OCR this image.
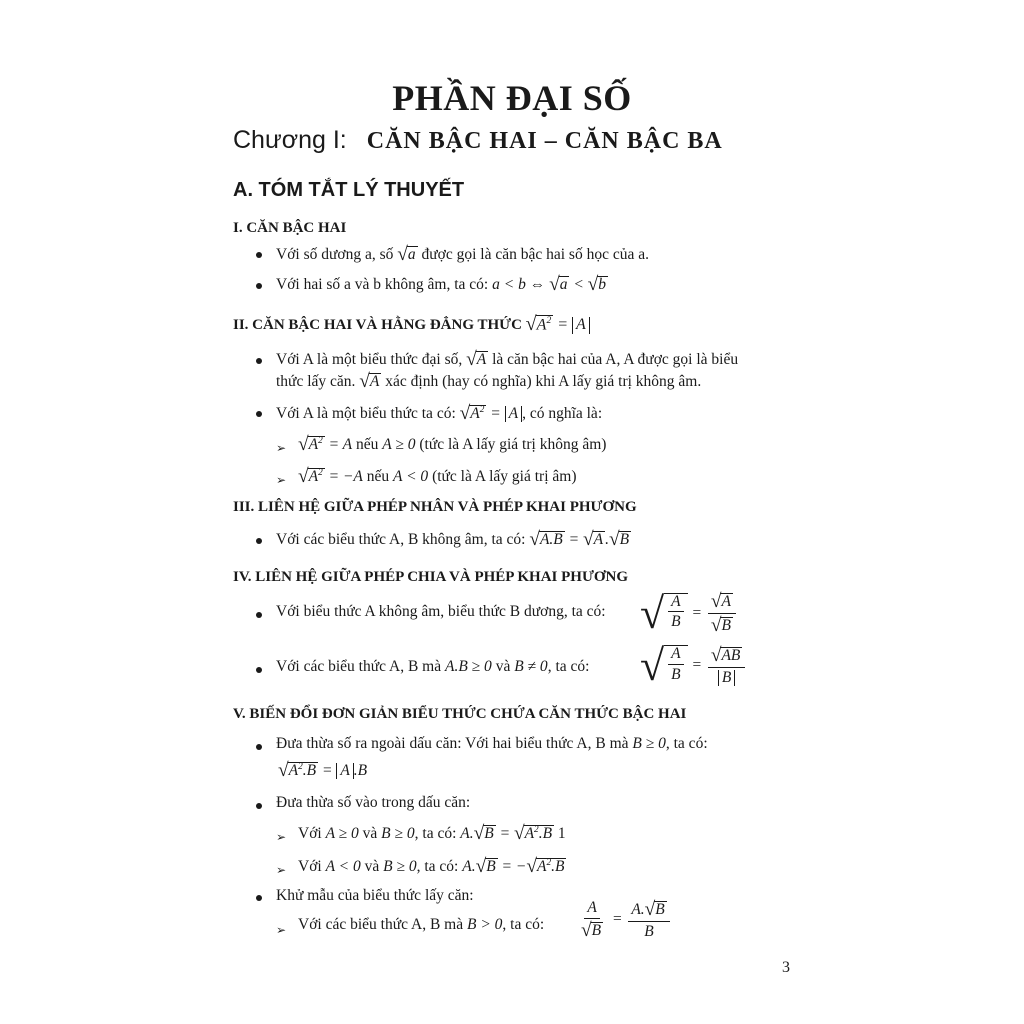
PHẦN ĐẠI SỐ
Chương I: CĂN BẬC HAI – CĂN BẬC BA
A. TÓM TẮT LÝ THUYẾT
I. CĂN BẬC HAI
Với số dương a, số √a được gọi là căn bậc hai số học của a.
Với hai số a và b không âm, ta có: a < b ⇔ √a < √b
II. CĂN BẬC HAI VÀ HẰNG ĐẲNG THỨC $√A^2 = A$
Với A là một biểu thức đại số, √A là căn bậc hai của A, A được gọi là biểu
thức lấy căn. √A xác định (hay có nghĩa) khi A lấy giá trị không âm.
Với A là một biểu thức ta có: $√A^2 = A$ , có nghĩa là:
➢ $√A^2 = A$ nếu A ≥ 0 (tức là A lấy giá trị không âm)
➢ $√A^2 = -A$ nếu A < 0 (tức là A lấy giá trị âm)
III. LIÊN HỆ GIỮA PHÉP NHÂN VÀ PHÉP KHAI PHƯƠNG
Với các biểu thức A, B không âm, ta có: √A.B = √A .√B
IV. LIÊN HỆ GIỮA PHÉP CHIA VÀ PHÉP KHAI PHƯƠNG
Với biểu thức A không âm, biểu thức B dương, ta có: √ $\frac{A}{B} = \frac{√A}{√B}$
Với các biểu thức A, B mà A.B ≥ 0 và B ≠ 0, ta có: √ $\frac{A}{B} = \frac{√AB}{B}$
V. BIẾN ĐỔI ĐƠN GIẢN BIỂU THỨC CHỨA CĂN THỨC BẬC HAI
Đưa thừa số ra ngoài dấu căn: Với hai biểu thức A, B mà B ≥ 0, ta có:
$√A^2.B = A$ .B
Đưa thừa số vào trong dấu căn:
➢ Với A ≥ 0 và B ≥ 0, ta có: $A.√B = √A^2.B$ 1
➢ Với A < 0 và B ≥ 0, ta có: $A.√B = -√A^2.B$
Khử mẫu của biểu thức lấy căn:
➢ Với các biểu thức A, B mà B > 0, ta có: $\frac{A}{√B} = \frac{A.√B}{B}$
3
